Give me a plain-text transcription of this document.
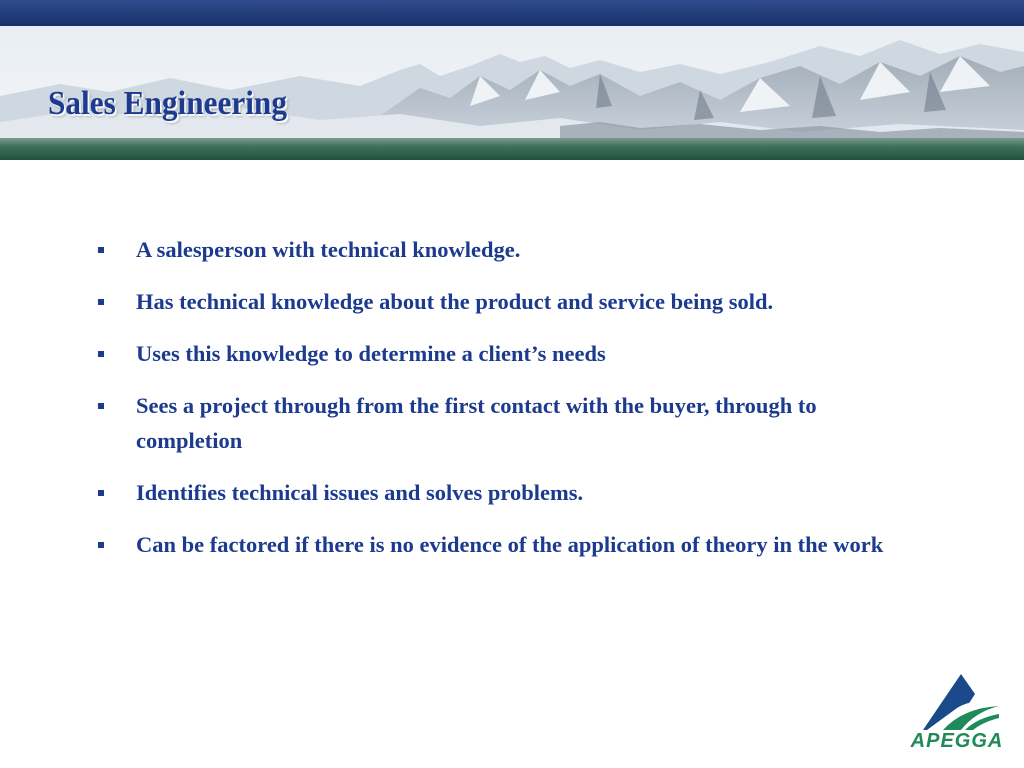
Sales Engineering
A salesperson with technical knowledge.
Has technical knowledge about the product and service being sold.
Uses this knowledge to determine a client’s needs
Sees a project through from the first contact with the buyer, through to completion
Identifies technical issues and solves problems.
Can be factored if there is no evidence of the application of theory in the work
APEGGA
